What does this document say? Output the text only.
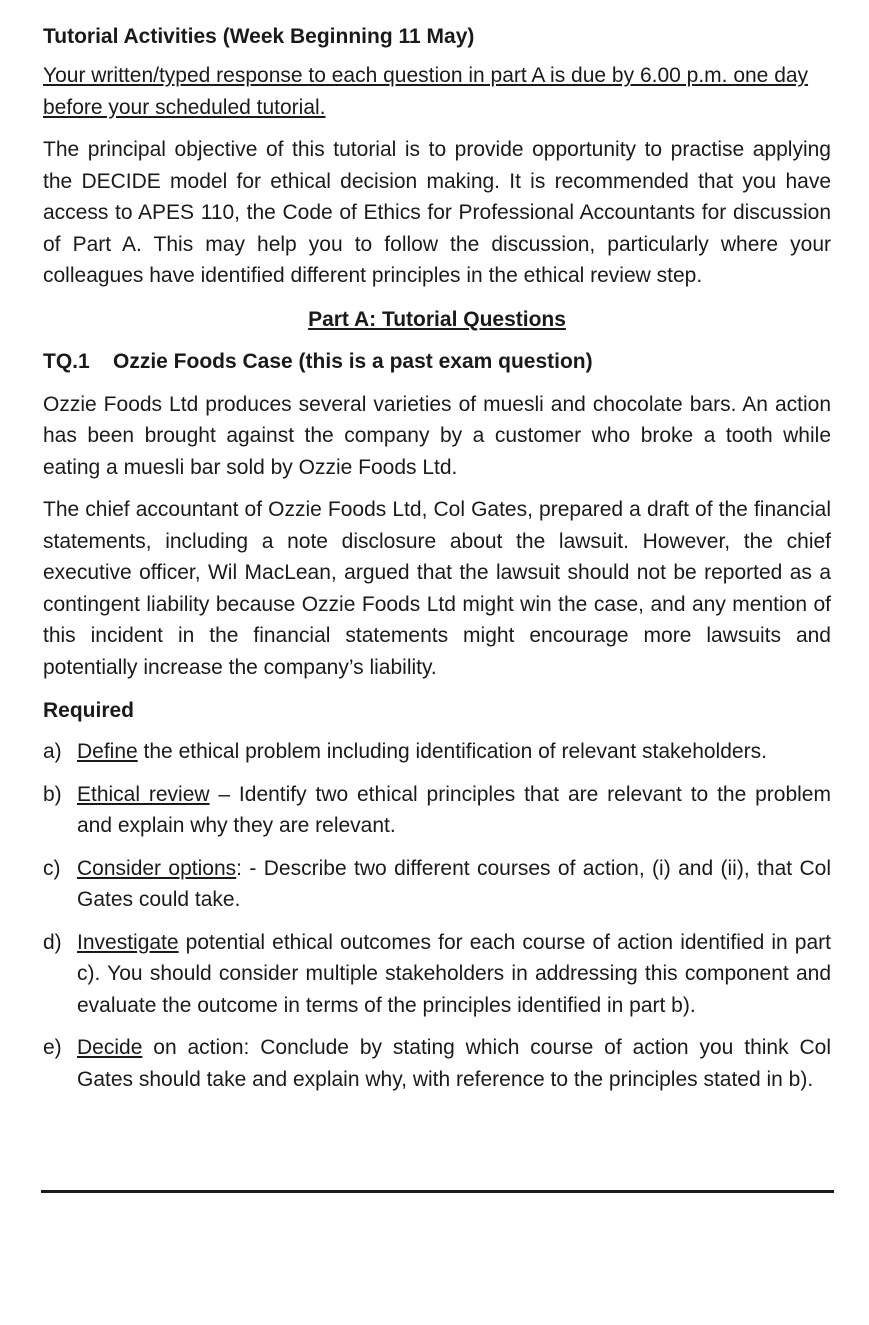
Tutorial Activities (Week Beginning 11 May)
Your written/typed response to each question in part A is due by 6.00 p.m. one day before your scheduled tutorial.
The principal objective of this tutorial is to provide opportunity to practise applying the DECIDE model for ethical decision making. It is recommended that you have access to APES 110, the Code of Ethics for Professional Accountants for discussion of Part A. This may help you to follow the discussion, particularly where your colleagues have identified different principles in the ethical review step.
Part A: Tutorial Questions
TQ.1 Ozzie Foods Case (this is a past exam question)
Ozzie Foods Ltd produces several varieties of muesli and chocolate bars. An action has been brought against the company by a customer who broke a tooth while eating a muesli bar sold by Ozzie Foods Ltd.
The chief accountant of Ozzie Foods Ltd, Col Gates, prepared a draft of the financial statements, including a note disclosure about the lawsuit. However, the chief executive officer, Wil MacLean, argued that the lawsuit should not be reported as a contingent liability because Ozzie Foods Ltd might win the case, and any mention of this incident in the financial statements might encourage more lawsuits and potentially increase the company’s liability.
Required
a) Define the ethical problem including identification of relevant stakeholders.
b) Ethical review – Identify two ethical principles that are relevant to the problem and explain why they are relevant.
c) Consider options: - Describe two different courses of action, (i) and (ii), that Col Gates could take.
d) Investigate potential ethical outcomes for each course of action identified in part c). You should consider multiple stakeholders in addressing this component and evaluate the outcome in terms of the principles identified in part b).
e) Decide on action: Conclude by stating which course of action you think Col Gates should take and explain why, with reference to the principles stated in b).
